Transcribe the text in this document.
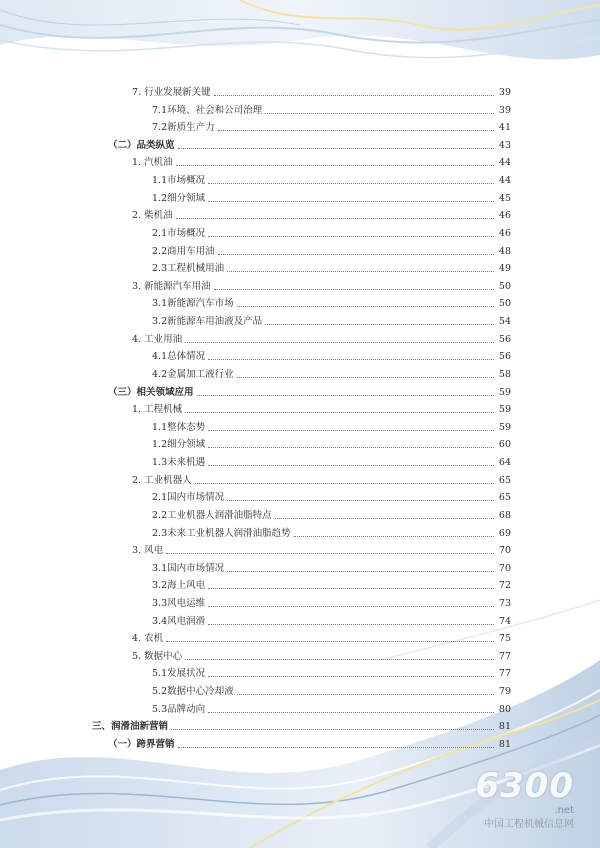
7. 行业发展新关键	39
7.1环境、社会和公司治理	39
7.2新质生产力	41
（二）品类纵览	43
1. 汽机油	44
1.1市场概况	44
1.2细分领域	45
2. 柴机油	46
2.1市场概况	46
2.2商用车用油	48
2.3工程机械用油	49
3. 新能源汽车用油	50
3.1新能源汽车市场	50
3.2新能源车用油液及产品	54
4. 工业用油	56
4.1总体情况	56
4.2金属加工液行业	58
（三）相关领域应用	59
1. 工程机械	59
1.1整体态势	59
1.2细分领域	60
1.3未来机遇	64
2. 工业机器人	65
2.1国内市场情况	65
2.2工业机器人润滑油脂特点	68
2.3未来工业机器人润滑油脂趋势	69
3. 风电	70
3.1国内市场情况	70
3.2海上风电	72
3.3风电运维	73
3.4风电润滑	74
4. 农机	75
5. 数据中心	77
5.1发展状况	77
5.2数据中心冷却液	79
5.3品牌动向	80
三、润滑油新营销	81
（一）跨界营销	81
6300
.net
中国工程机械信息网
